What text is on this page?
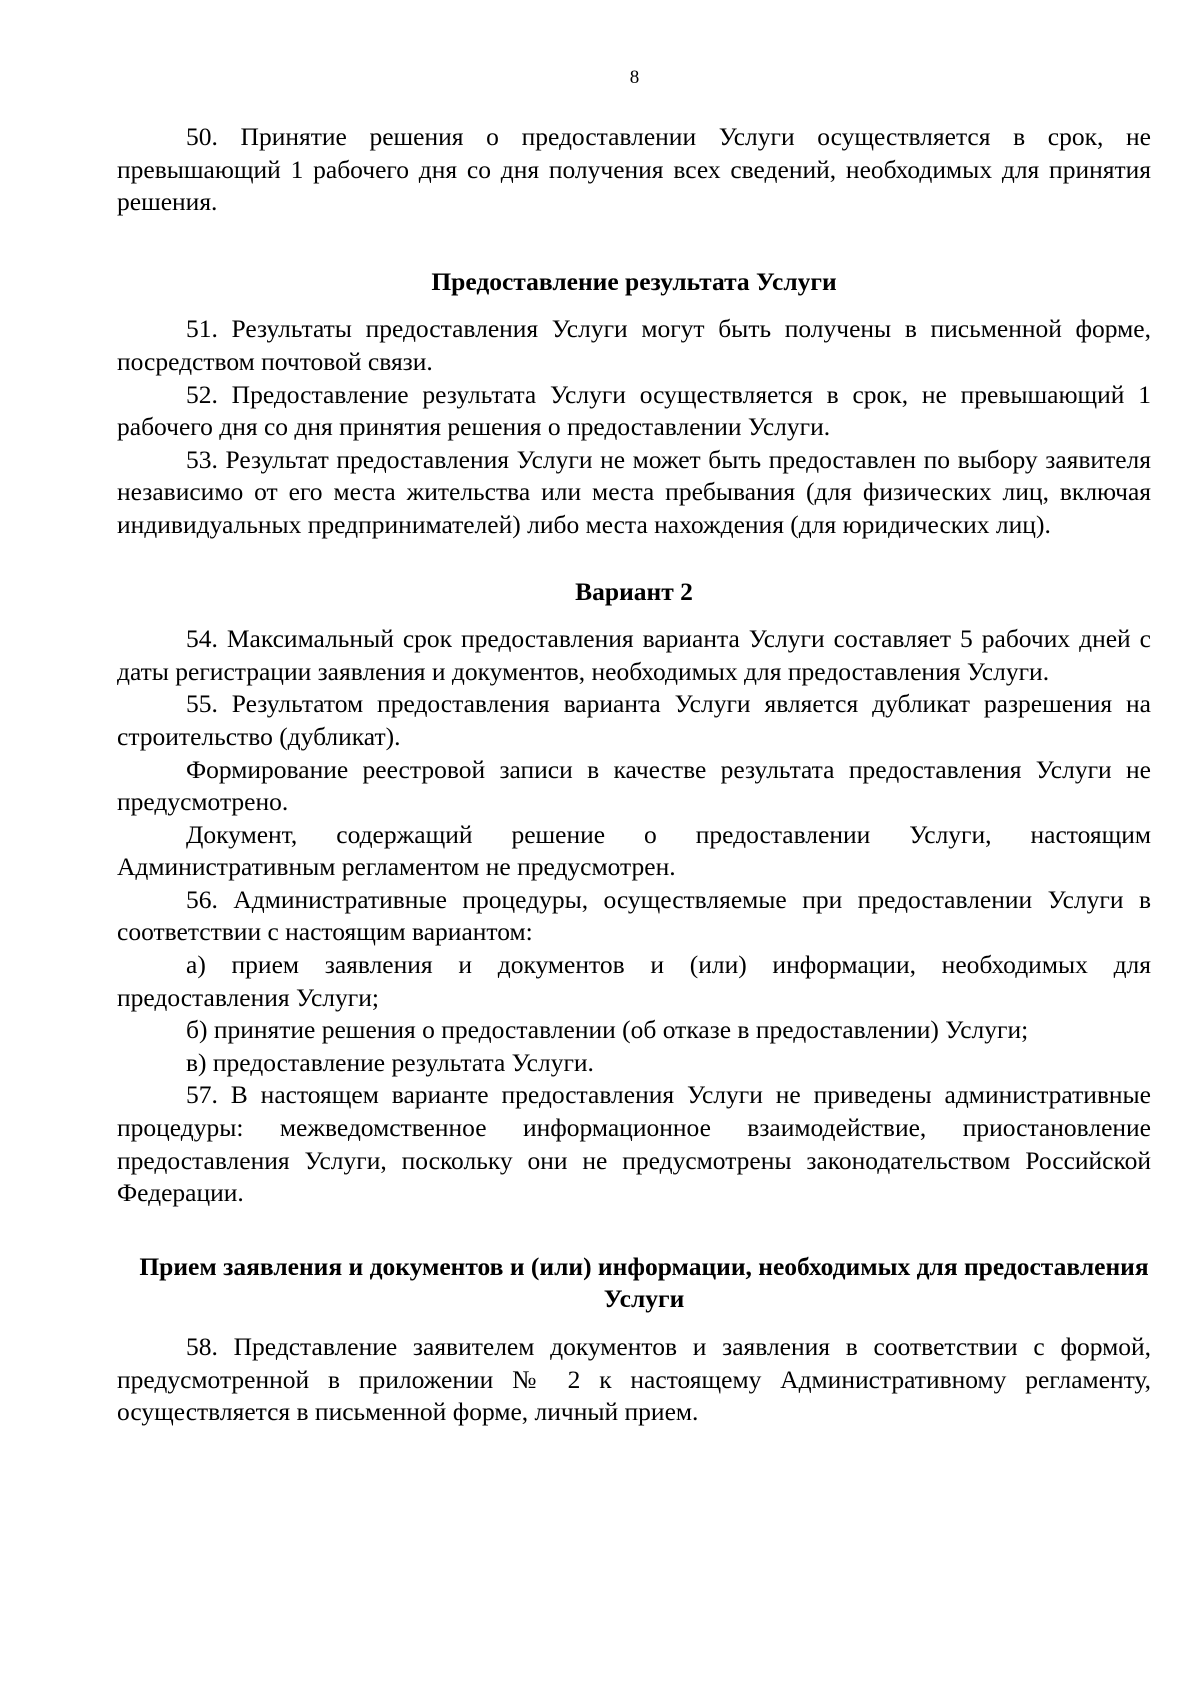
8

50. Принятие решения о предоставлении Услуги осуществляется в срок, не превышающий 1 рабочего дня со дня получения всех сведений, необходимых для принятия решения.

Предоставление результата Услуги

51. Результаты предоставления Услуги могут быть получены в письменной форме, посредством почтовой связи.

52. Предоставление результата Услуги осуществляется в срок, не превышающий 1 рабочего дня со дня принятия решения о предоставлении Услуги.

53. Результат предоставления Услуги не может быть предоставлен по выбору заявителя независимо от его места жительства или места пребывания (для физических лиц, включая индивидуальных предпринимателей) либо места нахождения (для юридических лиц).

Вариант 2

54. Максимальный срок предоставления варианта Услуги составляет 5 рабочих дней с даты регистрации заявления и документов, необходимых для предоставления Услуги.

55. Результатом предоставления варианта Услуги является дубликат разрешения на строительство (дубликат).

Формирование реестровой записи в качестве результата предоставления Услуги не предусмотрено.

Документ, содержащий решение о предоставлении Услуги, настоящим Административным регламентом не предусмотрен.

56. Административные процедуры, осуществляемые при предоставлении Услуги в соответствии с настоящим вариантом:

а) прием заявления и документов и (или) информации, необходимых для предоставления Услуги;

б) принятие решения о предоставлении (об отказе в предоставлении) Услуги;

в) предоставление результата Услуги.

57. В настоящем варианте предоставления Услуги не приведены административные процедуры: межведомственное информационное взаимодействие, приостановление предоставления Услуги, поскольку они не предусмотрены законодательством Российской Федерации.

Прием заявления и документов и (или) информации, необходимых для предоставления Услуги

58. Представление заявителем документов и заявления в соответствии с формой, предусмотренной в приложении № 2 к настоящему Административному регламенту, осуществляется в письменной форме, личный прием.
